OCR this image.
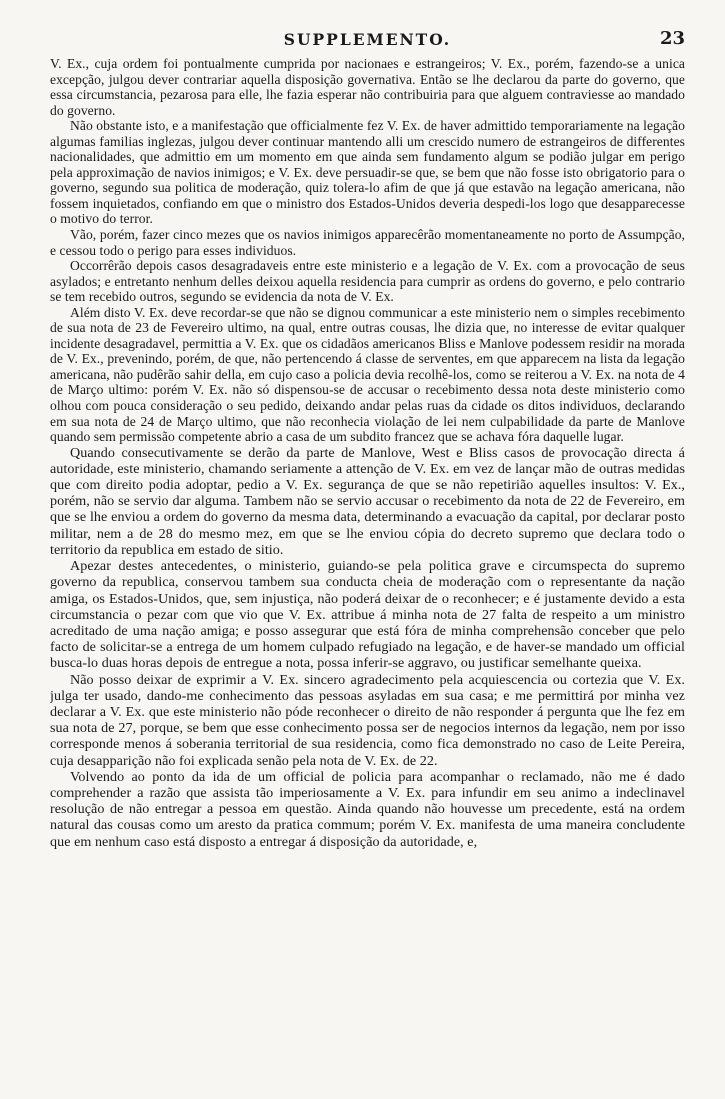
SUPPLEMENTO.	23

V. Ex., cuja ordem foi pontualmente cumprida por nacionaes e estrangeiros; V. Ex., porém, fazendo-se a unica excepção, julgou dever contrariar aquella disposição governativa. Então se lhe declarou da parte do governo, que essa circumstancia, pezarosa para elle, lhe fazia esperar não contribuiria para que alguem contraviesse ao mandado do governo.

Não obstante isto, e a manifestação que officialmente fez V. Ex. de haver admittido temporariamente na legação algumas familias inglezas, julgou dever continuar mantendo alli um crescido numero de estrangeiros de differentes nacionalidades, que admittio em um momento em que ainda sem fundamento algum se podião julgar em perigo pela approximação de navios inimigos; e V. Ex. deve persuadir-se que, se bem que não fosse isto obrigatorio para o governo, segundo sua politica de moderação, quiz tolera-lo afim de que já que estavão na legação americana, não fossem inquietados, confiando em que o ministro dos Estados-Unidos deveria despedi-los logo que desapparecesse o motivo do terror.

Vão, porém, fazer cinco mezes que os navios inimigos apparecêrão momentaneamente no porto de Assumpção, e cessou todo o perigo para esses individuos.

Occorrêrão depois casos desagradaveis entre este ministerio e a legação de V. Ex. com a provocação de seus asylados; e entretanto nenhum delles deixou aquella residencia para cumprir as ordens do governo, e pelo contrario se tem recebido outros, segundo se evidencia da nota de V. Ex.

Além disto V. Ex. deve recordar-se que não se dignou communicar a este ministerio nem o simples recebimento de sua nota de 23 de Fevereiro ultimo, na qual, entre outras cousas, lhe dizia que, no interesse de evitar qualquer incidente desagradavel, permittia a V. Ex. que os cidadãos americanos Bliss e Manlove podessem residir na morada de V. Ex., prevenindo, porém, de que, não pertencendo á classe de serventes, em que apparecem na lista da legação americana, não pudêrão sahir della, em cujo caso a policia devia recolhê-los, como se reiterou a V. Ex. na nota de 4 de Março ultimo: porém V. Ex. não só dispensou-se de accusar o recebimento dessa nota deste ministerio como olhou com pouca consideração o seu pedido, deixando andar pelas ruas da cidade os ditos individuos, declarando em sua nota de 24 de Março ultimo, que não reconhecia violação de lei nem culpabilidade da parte de Manlove quando sem permissão competente abrio a casa de um subdito francez que se achava fóra daquelle lugar.

Quando consecutivamente se derão da parte de Manlove, West e Bliss casos de provocação directa á autoridade, este ministerio, chamando seriamente a attenção de V. Ex. em vez de lançar mão de outras medidas que com direito podia adoptar, pedio a V. Ex. segurança de que se não repetirião aquelles insultos: V. Ex., porém, não se servio dar alguma. Tambem não se servio accusar o recebimento da nota de 22 de Fevereiro, em que se lhe enviou a ordem do governo da mesma data, determinando a evacuação da capital, por declarar posto militar, nem a de 28 do mesmo mez, em que se lhe enviou cópia do decreto supremo que declara todo o territorio da republica em estado de sitio.

Apezar destes antecedentes, o ministerio, guiando-se pela politica grave e circumspecta do supremo governo da republica, conservou tambem sua conducta cheia de moderação com o representante da nação amiga, os Estados-Unidos, que, sem injustiça, não poderá deixar de o reconhecer; e é justamente devido a esta circumstancia o pezar com que vio que V. Ex. attribue á minha nota de 27 falta de respeito a um ministro acreditado de uma nação amiga; e posso assegurar que está fóra de minha comprehensão conceber que pelo facto de solicitar-se a entrega de um homem culpado refugiado na legação, e de haver-se mandado um official busca-lo duas horas depois de entregue a nota, possa inferir-se aggravo, ou justificar semelhante queixa.

Não posso deixar de exprimir a V. Ex. sincero agradecimento pela acquiescencia ou cortezia que V. Ex. julga ter usado, dando-me conhecimento das pessoas asyladas em sua casa; e me permittirá por minha vez declarar a V. Ex. que este ministerio não póde reconhecer o direito de não responder á pergunta que lhe fez em sua nota de 27, porque, se bem que esse conhecimento possa ser de negocios internos da legação, nem por isso corresponde menos á soberania territorial de sua residencia, como fica demonstrado no caso de Leite Pereira, cuja desapparição não foi explicada senão pela nota de V. Ex. de 22.

Volvendo ao ponto da ida de um official de policia para acompanhar o reclamado, não me é dado comprehender a razão que assista tão imperiosamente a V. Ex. para infundir em seu animo a indeclinavel resolução de não entregar a pessoa em questão. Ainda quando não houvesse um precedente, está na ordem natural das cousas como um aresto da pratica commum; porém V. Ex. manifesta de uma maneira concludente que em nenhum caso está disposto a entregar á disposição da autoridade, e,
